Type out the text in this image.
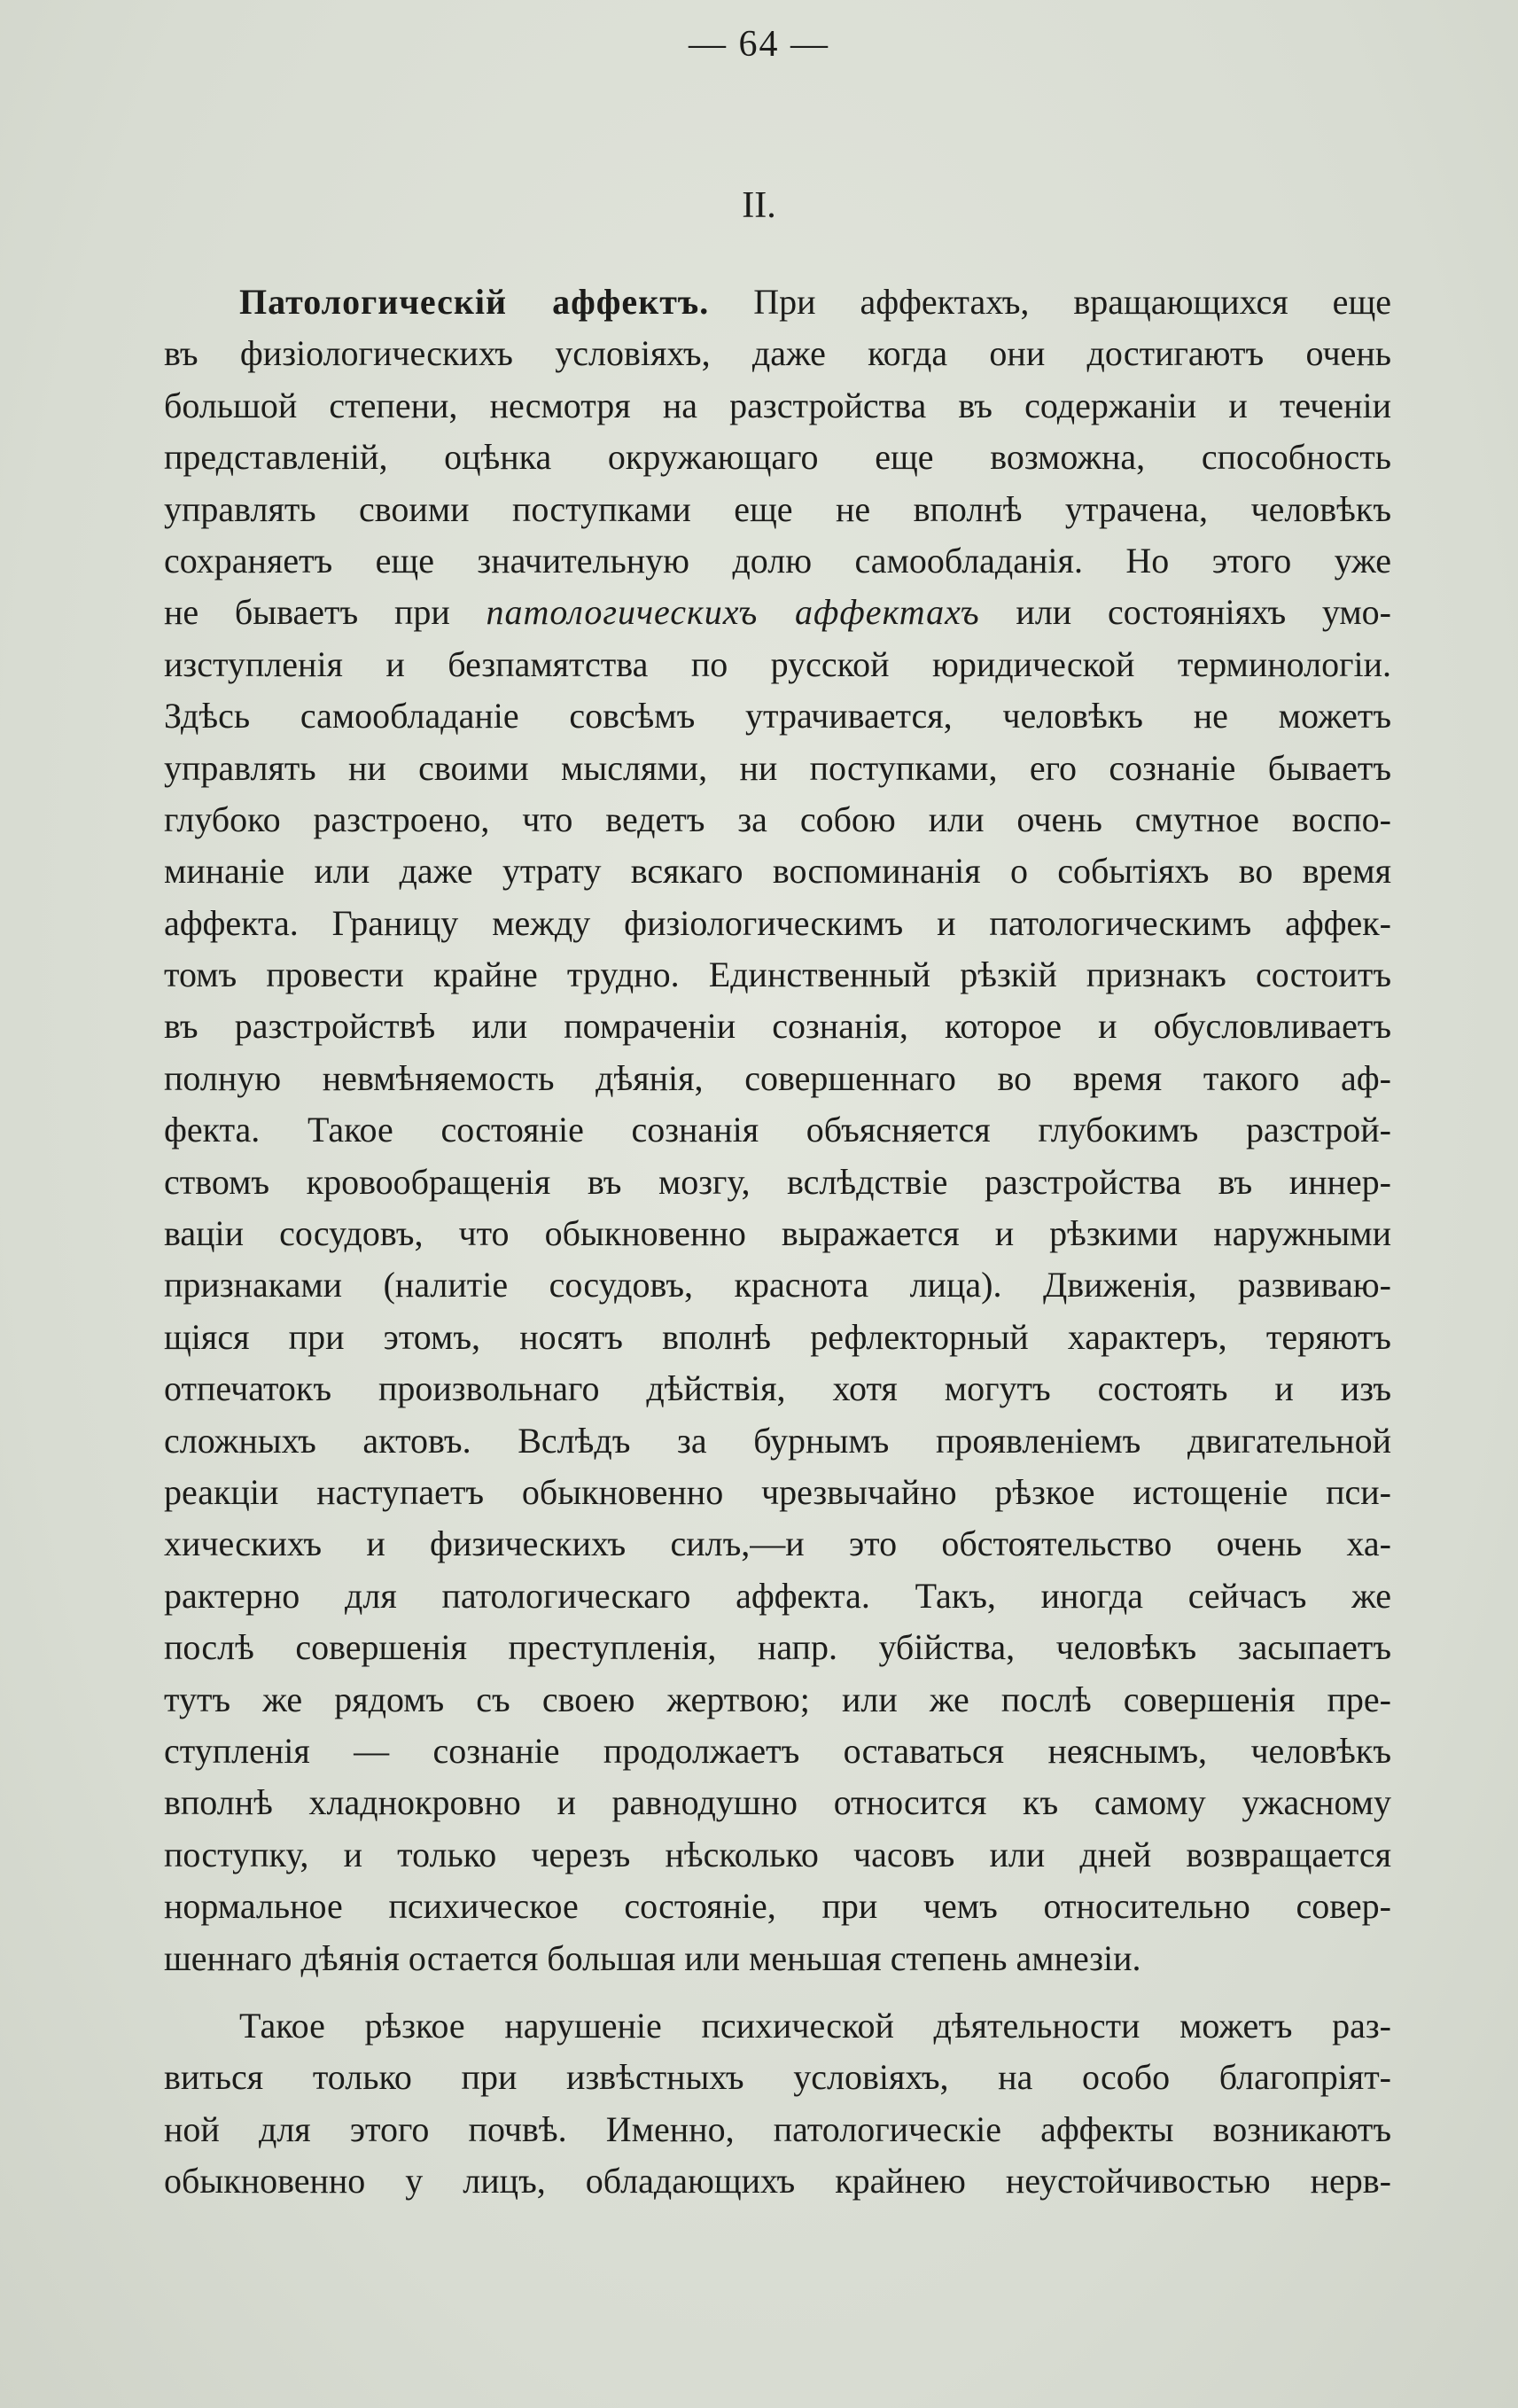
— 64 —
II.
Патологическій аффектъ. При аффектахъ, вращающихся еще
въ физіологическихъ условіяхъ, даже когда они достигаютъ очень
большой степени, несмотря на разстройства въ содержаніи и теченіи
представленій, оцѣнка окружающаго еще возможна, способность
управлять своими поступками еще не вполнѣ утрачена, человѣкъ
сохраняетъ еще значительную долю самообладанія. Но этого уже
не бываетъ при патологическихъ аффектахъ или состояніяхъ умо-
изступленія и безпамятства по русской юридической терминологіи.
Здѣсь самообладаніе совсѣмъ утрачивается, человѣкъ не можетъ
управлять ни своими мыслями, ни поступками, его сознаніе бываетъ
глубоко разстроено, что ведетъ за собою или очень смутное воспо-
минаніе или даже утрату всякаго воспоминанія о событіяхъ во время
аффекта. Границу между физіологическимъ и патологическимъ аффек-
томъ провести крайне трудно. Единственный рѣзкій признакъ состоитъ
въ разстройствѣ или помраченіи сознанія, которое и обусловливаетъ
полную невмѣняемость дѣянія, совершеннаго во время такого аф-
фекта. Такое состояніе сознанія объясняется глубокимъ разстрой-
ствомъ кровообращенія въ мозгу, вслѣдствіе разстройства въ иннер-
ваціи сосудовъ, что обыкновенно выражается и рѣзкими наружными
признаками (налитіе сосудовъ, краснота лица). Движенія, развиваю-
щіяся при этомъ, носятъ вполнѣ рефлекторный характеръ, теряютъ
отпечатокъ произвольнаго дѣйствія, хотя могутъ состоять и изъ
сложныхъ актовъ. Вслѣдъ за бурнымъ проявленіемъ двигательной
реакціи наступаетъ обыкновенно чрезвычайно рѣзкое истощеніе пси-
хическихъ и физическихъ силъ,—и это обстоятельство очень ха-
рактерно для патологическаго аффекта. Такъ, иногда сейчасъ же
послѣ совершенія преступленія, напр. убійства, человѣкъ засыпаетъ
тутъ же рядомъ съ своею жертвою; или же послѣ совершенія пре-
ступленія — сознаніе продолжаетъ оставаться неяснымъ, человѣкъ
вполнѣ хладнокровно и равнодушно относится къ самому ужасному
поступку, и только черезъ нѣсколько часовъ или дней возвращается
нормальное психическое состояніе, при чемъ относительно совер-
шеннаго дѣянія остается большая или меньшая степень амнезіи.
Такое рѣзкое нарушеніе психической дѣятельности можетъ раз-
виться только при извѣстныхъ условіяхъ, на особо благопріят-
ной для этого почвѣ. Именно, патологическіе аффекты возникаютъ
обыкновенно у лицъ, обладающихъ крайнею неустойчивостью нерв-
